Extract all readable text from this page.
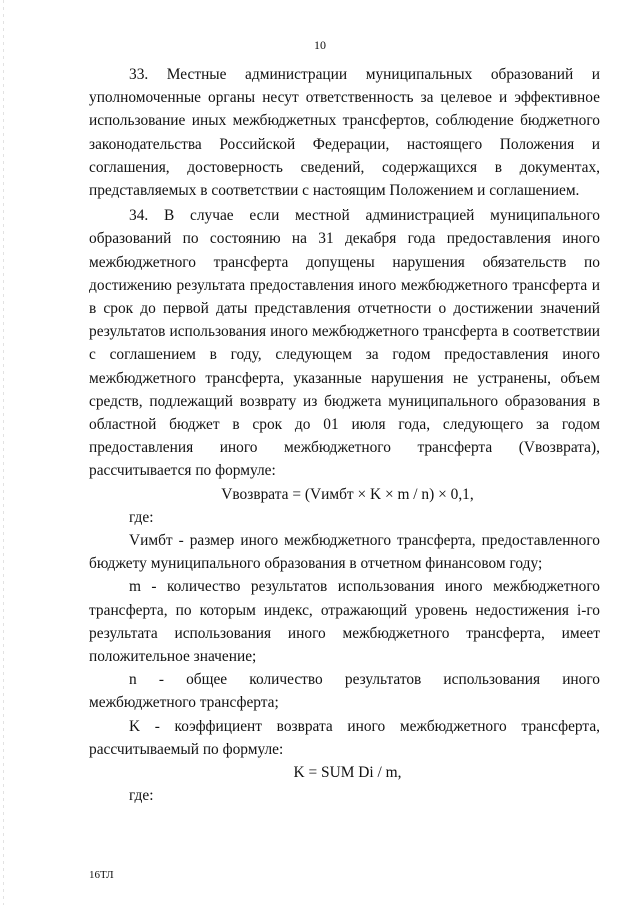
10

33. Местные администрации муниципальных образований и уполномоченные органы несут ответственность за целевое и эффективное использование иных межбюджетных трансфертов, соблюдение бюджетного законодательства Российской Федерации, настоящего Положения и соглашения, достоверность сведений, содержащихся в документах, представляемых в соответствии с настоящим Положением и соглашением.

34. В случае если местной администрацией муниципального образований по состоянию на 31 декабря года предоставления иного межбюджетного трансферта допущены нарушения обязательств по достижению результата предоставления иного межбюджетного трансферта и в срок до первой даты представления отчетности о достижении значений результатов использования иного межбюджетного трансферта в соответствии с соглашением в году, следующем за годом предоставления иного межбюджетного трансферта, указанные нарушения не устранены, объем средств, подлежащий возврату из бюджета муниципального образования в областной бюджет в срок до 01 июля года, следующего за годом предоставления иного межбюджетного трансферта (Vвозврата), рассчитывается по формуле:

Vвозврата = (Vимбт × K × m / n) × 0,1,

где:

Vимбт - размер иного межбюджетного трансферта, предоставленного бюджету муниципального образования в отчетном финансовом году;

m - количество результатов использования иного межбюджетного трансферта, по которым индекс, отражающий уровень недостижения i-го результата использования иного межбюджетного трансферта, имеет положительное значение;

n - общее количество результатов использования иного межбюджетного трансферта;

K - коэффициент возврата иного межбюджетного трансферта, рассчитываемый по формуле:

K = SUM Di / m,

где:

16ТЛ
